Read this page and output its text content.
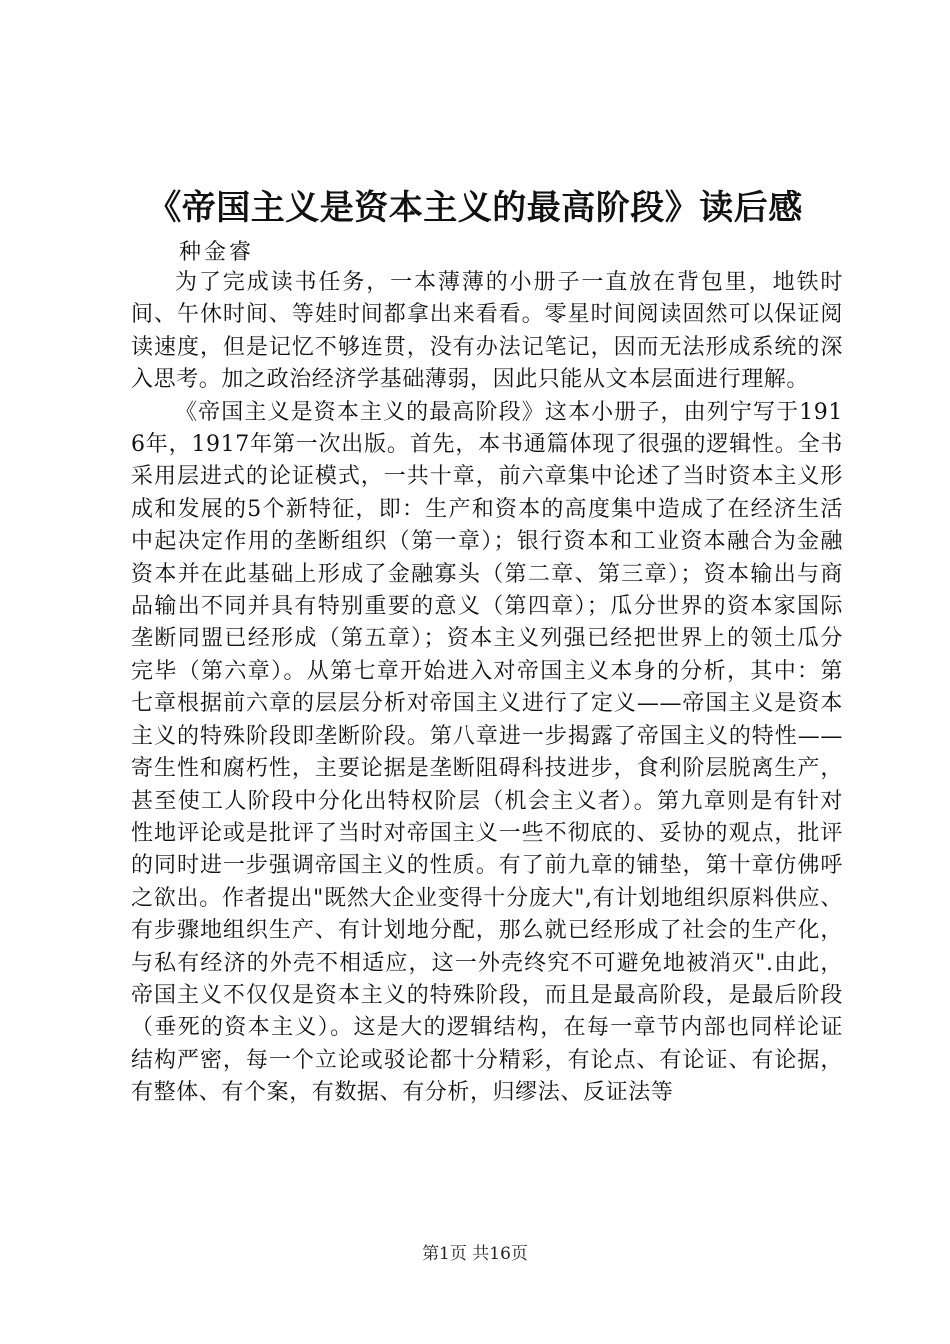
《帝国主义是资本主义的最高阶段》读后感

种金睿

为了完成读书任务，一本薄薄的小册子一直放在背包里，地铁时间、午休时间、等娃时间都拿出来看看。零星时间阅读固然可以保证阅读速度，但是记忆不够连贯，没有办法记笔记，因而无法形成系统的深入思考。加之政治经济学基础薄弱，因此只能从文本层面进行理解。

《帝国主义是资本主义的最高阶段》这本小册子，由列宁写于1916年，1917年第一次出版。首先，本书通篇体现了很强的逻辑性。全书采用层进式的论证模式，一共十章，前六章集中论述了当时资本主义形成和发展的5个新特征，即：生产和资本的高度集中造成了在经济生活中起决定作用的垄断组织（第一章）；银行资本和工业资本融合为金融资本并在此基础上形成了金融寡头（第二章、第三章）；资本输出与商品输出不同并具有特别重要的意义（第四章）；瓜分世界的资本家国际垄断同盟已经形成（第五章）；资本主义列强已经把世界上的领土瓜分完毕（第六章）。从第七章开始进入对帝国主义本身的分析，其中：第七章根据前六章的层层分析对帝国主义进行了定义——帝国主义是资本主义的特殊阶段即垄断阶段。第八章进一步揭露了帝国主义的特性——寄生性和腐朽性，主要论据是垄断阻碍科技进步，食利阶层脱离生产，甚至使工人阶段中分化出特权阶层（机会主义者）。第九章则是有针对性地评论或是批评了当时对帝国主义一些不彻底的、妥协的观点，批评的同时进一步强调帝国主义的性质。有了前九章的铺垫，第十章仿佛呼之欲出。作者提出"既然大企业变得十分庞大",有计划地组织原料供应、有步骤地组织生产、有计划地分配，那么就已经形成了社会的生产化，与私有经济的外壳不相适应，这一外壳终究不可避免地被消灭".由此，帝国主义不仅仅是资本主义的特殊阶段，而且是最高阶段，是最后阶段（垂死的资本主义）。这是大的逻辑结构，在每一章节内部也同样论证结构严密，每一个立论或驳论都十分精彩，有论点、有论证、有论据，有整体、有个案，有数据、有分析，归缪法、反证法等

第1页 共16页
